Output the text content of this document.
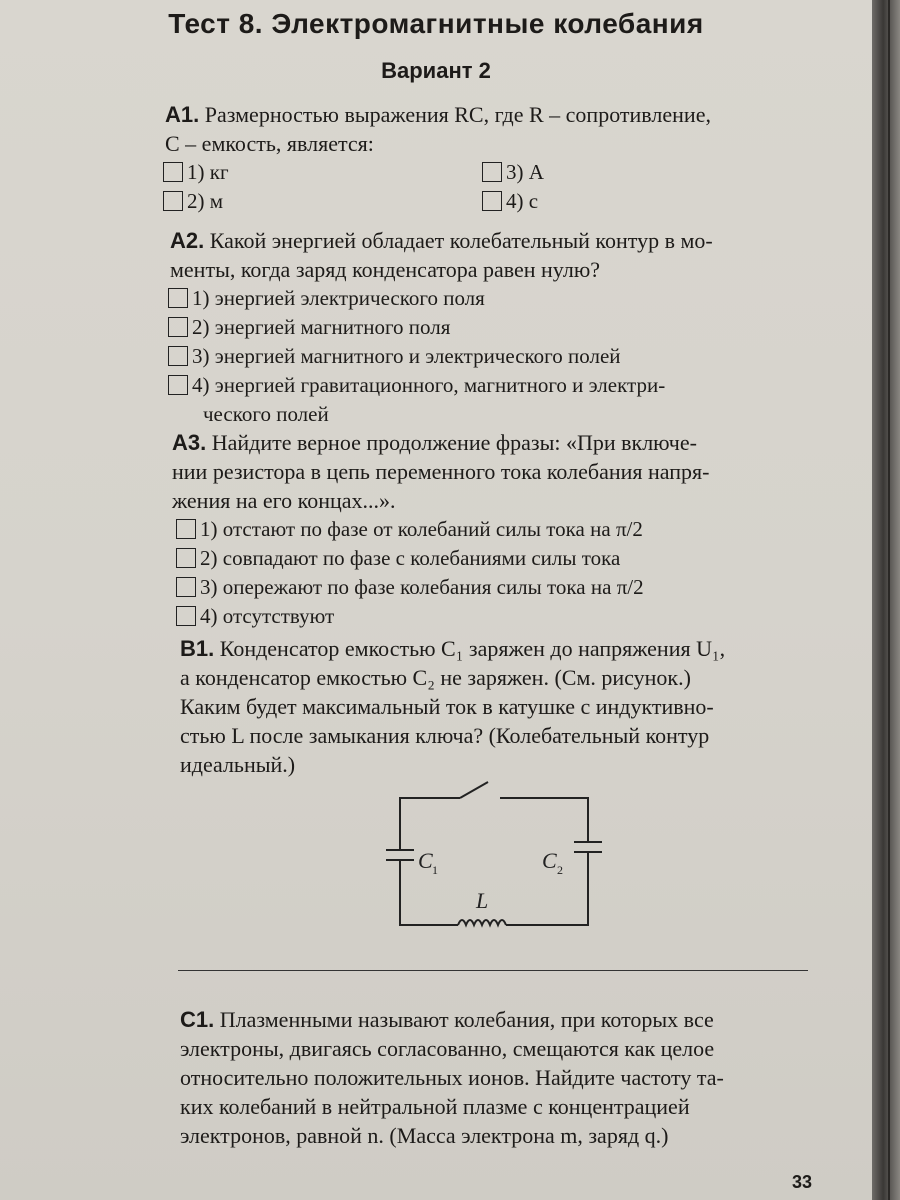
Тест 8. Электромагнитные колебания
Вариант 2
А1. Размерностью выражения RC, где R – сопротивление,
C – емкость, является:
1) кг
2) м
3) А
4) с
А2. Какой энергией обладает колебательный контур в мо-
менты, когда заряд конденсатора равен нулю?
1) энергией электрического поля
2) энергией магнитного поля
3) энергией магнитного и электрического полей
4) энергией гравитационного, магнитного и электри-
ческого полей
А3. Найдите верное продолжение фразы: «При включе-
нии резистора в цепь переменного тока колебания напря-
жения на его концах...».
1) отстают по фазе от колебаний силы тока на π/2
2) совпадают по фазе с колебаниями силы тока
3) опережают по фазе колебания силы тока на π/2
4) отсутствуют
В1. Конденсатор емкостью C₁ заряжен до напряжения U₁,
а конденсатор емкостью C₂ не заряжен. (См. рисунок.)
Каким будет максимальный ток в катушке с индуктивно-
стью L после замыкания ключа? (Колебательный контур
идеальный.)
C 1	C 2
L
С1. Плазменными называют колебания, при которых все
электроны, двигаясь согласованно, смещаются как целое
относительно положительных ионов. Найдите частоту та-
ких колебаний в нейтральной плазме с концентрацией
электронов, равной n. (Масса электрона m, заряд q.)
33
